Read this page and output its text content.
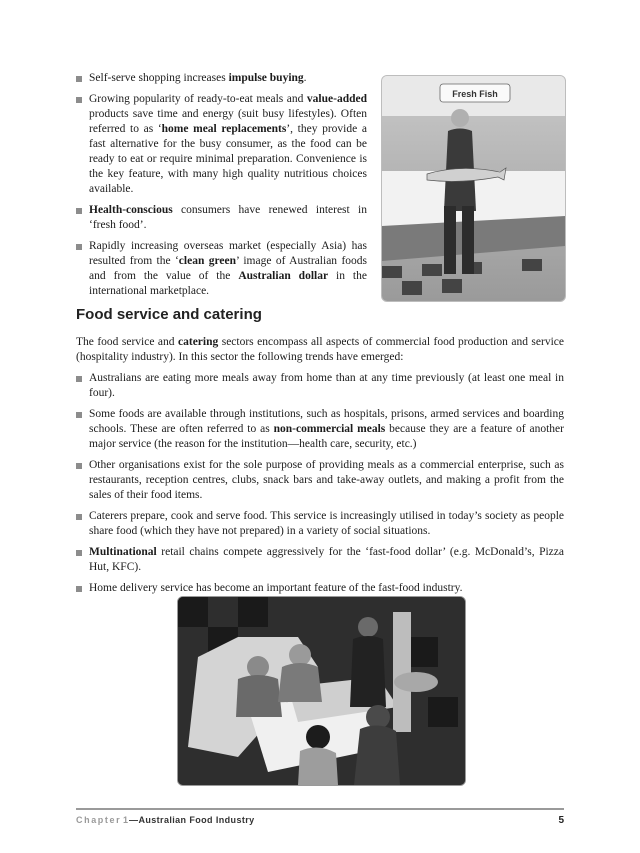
Self-serve shopping increases impulse buying.
Growing popularity of ready-to-eat meals and value-added products save time and energy (suit busy lifestyles). Often referred to as ‘home meal replacements’, they provide a fast alternative for the busy consumer, as the food can be ready to eat or require minimal preparation. Convenience is the key feature, with many high quality nutritious choices available.
Health-conscious consumers have renewed interest in ‘fresh food’.
Rapidly increasing overseas market (especially Asia) has resulted from the ‘clean green’ image of Australian foods and from the value of the Australian dollar in the international marketplace.
Fresh Fish
Food service and catering

The food service and catering sectors encompass all aspects of commercial food production and service (hospitality industry). In this sector the following trends have emerged:

Australians are eating more meals away from home than at any time previously (at least one meal in four).
Some foods are available through institutions, such as hospitals, prisons, armed services and boarding schools. These are often referred to as non-commercial meals because they are a feature of another major service (the reason for the institution—health care, security, etc.)
Other organisations exist for the sole purpose of providing meals as a commercial enterprise, such as restaurants, reception centres, clubs, snack bars and take-away outlets, and making a profit from the sales of their food items.
Caterers prepare, cook and serve food. This service is increasingly utilised in today’s society as people share food (which they have not prepared) in a variety of social situations.
Multinational retail chains compete aggressively for the ‘fast-food dollar’ (e.g. McDonald’s, Pizza Hut, KFC).
Home delivery service has become an important feature of the fast-food industry.
Chapter  1—Australian Food Industry	5
